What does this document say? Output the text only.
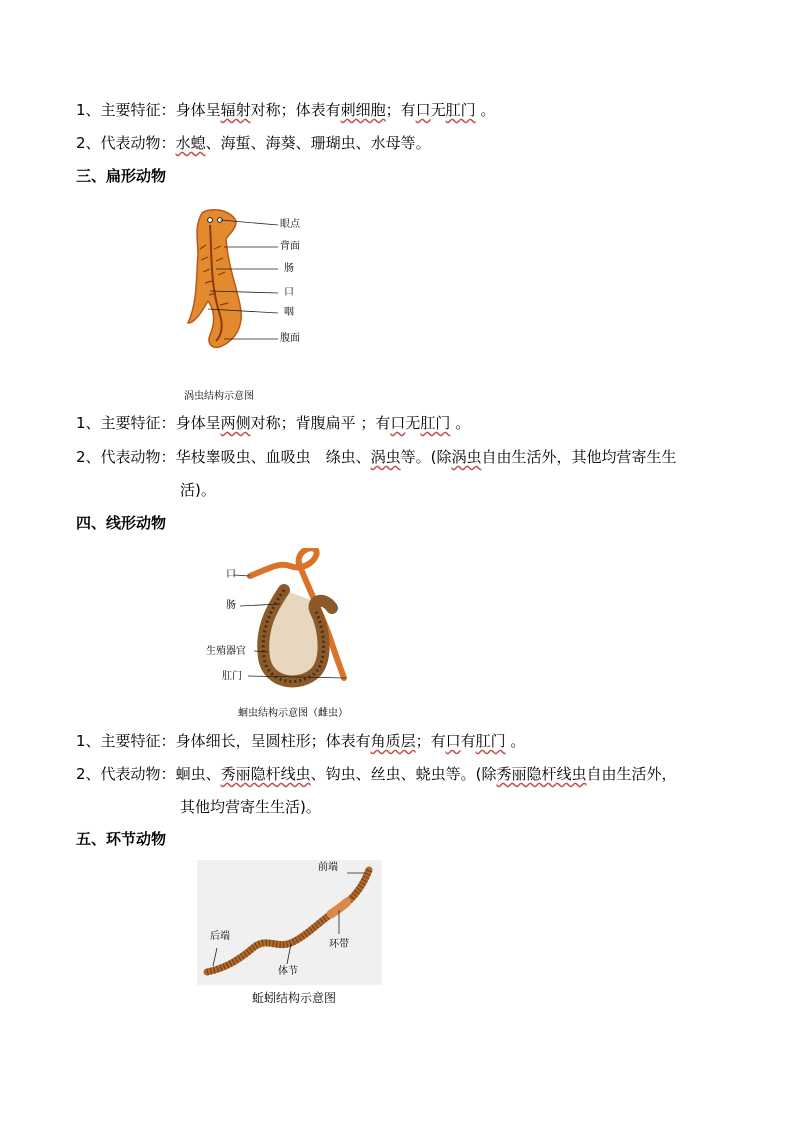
1、主要特征：身体呈辐射对称；体表有刺细胞；有口无肛门 。
2、代表动物：水螅、海蜇、海葵、珊瑚虫、水母等。
三、扁形动物
眼点
背面
肠
口
咽
腹面
涡虫结构示意图
1、主要特征：身体呈两侧对称；背腹扁平 ；有口无肛门 。
2、代表动物：华枝睾吸虫、血吸虫　绦虫、涡虫等。(除涡虫自由生活外，其他均营寄生生
活)。
四、线形动物
口
肠
生殖器官
肛门
蛔虫结构示意图（雌虫）
1、主要特征：身体细长，呈圆柱形；体表有角质层；有口有肛门 。
2、代表动物：蛔虫、秀丽隐杆线虫、钩虫、丝虫、蛲虫等。(除秀丽隐杆线虫自由生活外，
其他均营寄生生活)。
五、环节动物
前端
后端
环带
体节
蚯蚓结构示意图
